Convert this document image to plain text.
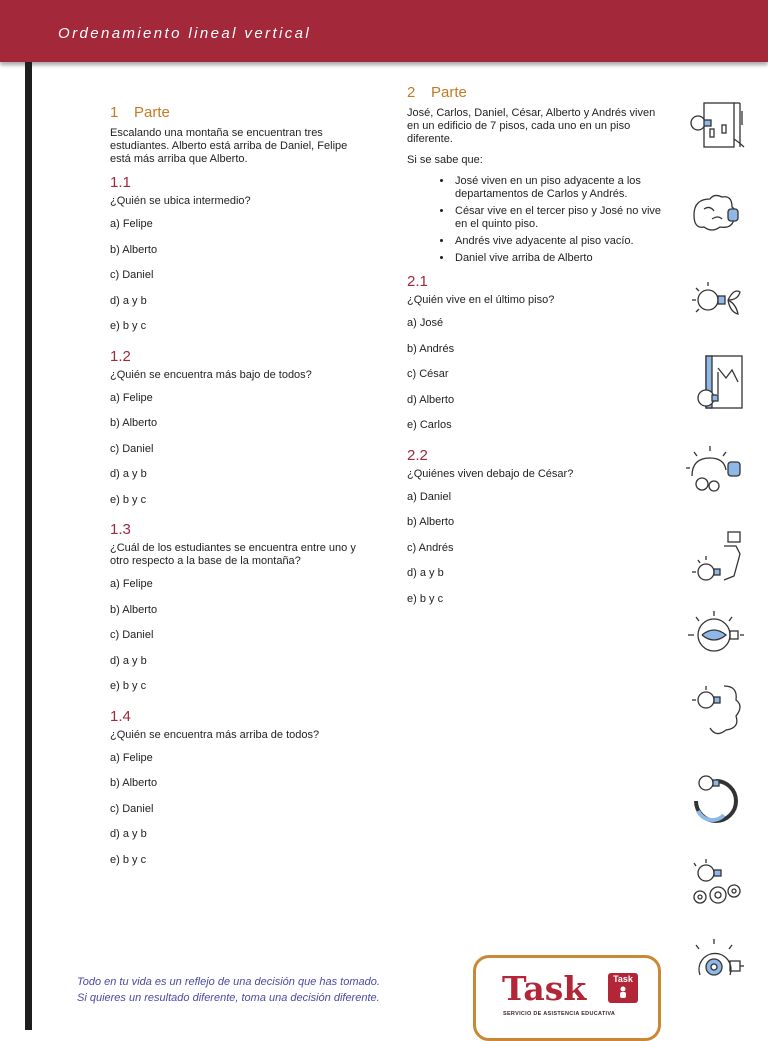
Ordenamiento lineal vertical
1 Parte

Escalando una montaña se encuentran tres estudiantes. Alberto está arriba de Daniel, Felipe está más arriba que Alberto.

1.1

¿Quién se ubica intermedio?

a) Felipe
b) Alberto
c) Daniel
d) a y b
e) b y c
1.2

¿Quién se encuentra más bajo de todos?

a) Felipe
b) Alberto
c) Daniel
d) a y b
e) b y c
1.3

¿Cuál de los estudiantes se encuentra entre uno y otro respecto a la base de la montaña?

a) Felipe
b) Alberto
c) Daniel
d) a y b
e) b y c
1.4

¿Quién se encuentra más arriba de todos?

a) Felipe
b) Alberto
c) Daniel
d) a y b
e) b y c
2 Parte

José, Carlos, Daniel, César, Alberto y Andrés viven en un edificio de 7 pisos, cada uno en un piso diferente.

Si se sabe que:

• José viven en un piso adyacente a los departamentos de Carlos y Andrés.
• César vive en el tercer piso y José no vive en el quinto piso.
• Andrés vive adyacente al piso vacío.
• Daniel vive arriba de Alberto
2.1

¿Quién vive en el último piso?

a) José
b) Andrés
c) César
d) Alberto
e) Carlos
2.2

¿Quiénes viven debajo de César?

a) Daniel
b) Alberto
c) Andrés
d) a y b
e) b y c
Todo en tu vida es un reflejo de una decisión que has tomado.
Si quieres un resultado diferente, toma una decisión diferente.	Task	Task
SERVICIO DE ASISTENCIA EDUCATIVA
